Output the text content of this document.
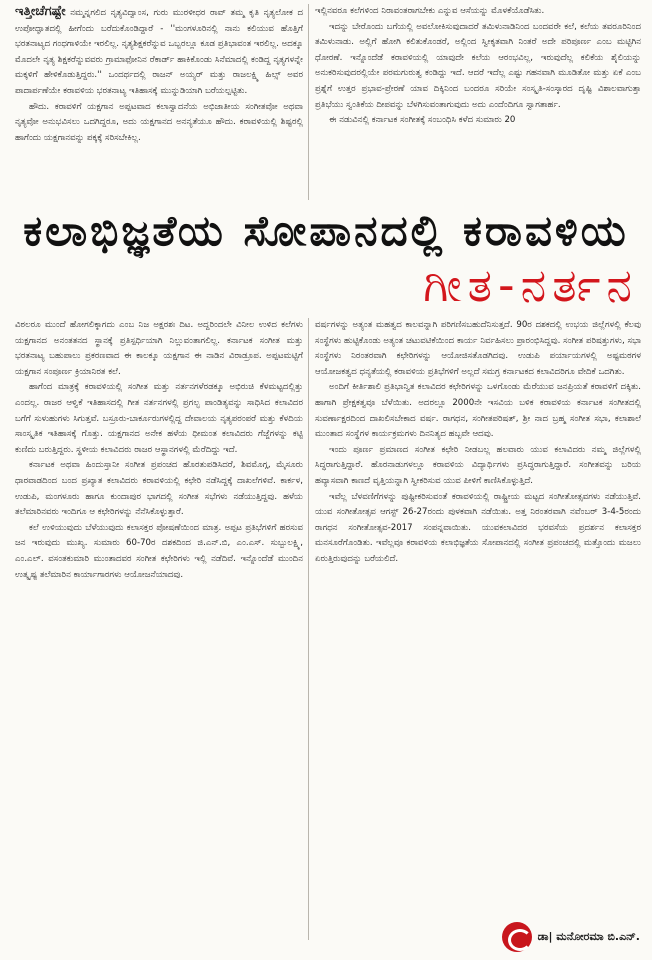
ಇತ್ತೀಚೆಗಷ್ಟೇ ನಮ್ಮನ್ನಗಲಿದ ನೃತ್ಯವಿದ್ವಾಂಸ, ಗುರು ಮುರಳೀಧರ ರಾವ್ ತಮ್ಮ ಕೃತಿ ನೃತ್ಯಲೋಕ ದ ಉಪೋದ್ಘಾತದಲ್ಲಿ ಹೀಗೆಂದು ಬರೆದುಕೊಂಡಿದ್ದಾರೆ - ''ಮಂಗಳೂರಿನಲ್ಲಿ ನಾನು ಕಲಿಯುವ ಹೊತ್ತಿಗೆ ಭರತನಾಟ್ಯದ ಗಂಧಗಾಳಿಯೇ ಇರಲಿಲ್ಲ. ನೃತ್ಯಶಿಕ್ಷಕರೆನ್ನುವ ಒಬ್ಬರಲ್ಲೂ ಕೂಡ ಪ್ರತಿಭಾವಂತ ಇರಲಿಲ್ಲ. ಅದಕ್ಕೂ ಮೊದಲೇ ನೃತ್ಯ ಶಿಕ್ಷಕರೆನ್ನುವವರು ಗ್ರಾಮಾಫೋನಿನ ರೆಕಾರ್ಡ್ ಹಾಕಿಕೊಂಡು ಸಿನೆಮಾದಲ್ಲಿ ಕಂಡಿದ್ದ ನೃತ್ಯಗಳನ್ನೇ ಮಕ್ಕಳಿಗೆ ಹೇಳಿಕೊಡುತ್ತಿದ್ದರು.'' ಒಂದರ್ಥದಲ್ಲಿ ರಾಜನ್ ಅಯ್ಯರ್ ಮತ್ತು ರಾಜಲಕ್ಷ್ಮಿ ಹಿಲ್ಸ್ ಅವರ ಪಾದಾರ್ಪಣೆಯೇ ಕರಾವಳಿಯ ಭರತನಾಟ್ಯ ಇತಿಹಾಸಕ್ಕೆ ಮುನ್ನುಡಿಯಾಗಿ ಬರೆಯಲ್ಪಟ್ಟಿತು.

ಹೌದು. ಕರಾವಳಿಗೆ ಯಕ್ಷಗಾನ ಅಪ್ಪಟವಾದ ಕಲಾಸ್ವಾದನೆಯ ಅಭಿಜಾತೀಯ ಸಂಗೀತವೋ ಅಥವಾ ನೃತ್ಯವೋ ಅನುಭವಿಸಲು ಒದಗಿದ್ದರೂ, ಅದು ಯಕ್ಷಗಾನದ ಅನನ್ಯತೆಯೂ ಹೌದು. ಕರಾವಳಿಯಲ್ಲಿ ಶಿಷ್ಟರಲ್ಲಿ ಹಾಗೆಂದು ಯಕ್ಷಗಾನವನ್ನು ಪಕ್ಕಕ್ಕೆ ಸರಿಸಬೇಕಿಲ್ಲ.

ಇಲ್ಲಿನವರೂ ಕಲೆಗಳಿಂದ ನಿರಾವಂತರಾಗಬೇಕು ಎನ್ನುವ ಆಸೆಯನ್ನು ಮೊಳಕೆಯೊಡೆಸಿತು.

ಇದನ್ನು ಬೇರೊಂದು ಬಗೆಯಲ್ಲಿ ಅವಲೋಕಿಸುವುದಾದರೆ ತಮಿಳುನಾಡಿನಿಂದ ಬಂದವರೇ ಕಲೆ, ಕಲೆಯ ತವರೂರಿನಿಂದ ತಮಿಳುನಾಡು. ಅಲ್ಲಿಗೆ ಹೋಗಿ ಕಲಿತುಕೊಂಡರೆ, ಅಲ್ಲಿಂದ ಸ್ವೀಕೃತವಾಗಿ ನಿಂತರೆ ಅದೇ ಪರಿಪೂರ್ಣ ಎಂಬ ಮಟ್ಟಿಗಿನ ಧೋರಣೆ. ಇನ್ನೊಂದೆಡೆ ಕರಾವಳಿಯಲ್ಲಿ ಯಾವುದೇ ಕಲೆಯ ಆರಂಭವಿಲ್ಲ, ಇರುವುದೆಲ್ಲ ಕಲಿಕೆಯ ಶೈಲಿಯನ್ನು ಅನುಕರಿಸುವುದರಲ್ಲಿಯೇ ಪರಮಗುರುತ್ವ ಕಂಡಿದ್ದು ಇದೆ. ಆದರೆ ಇದೆಲ್ಲ ಎಷ್ಟು ಗಹನವಾಗಿ ಮೂಡಿತೋ ಮತ್ತು ಏಕೆ ಎಂಬ ಪ್ರಶ್ನೆಗೆ ಉತ್ತರ ಪ್ರಭಾವ-ಪ್ರೇರಣೆ ಯಾವ ದಿಕ್ಕಿನಿಂದ ಬಂದರೂ ಸರಿಯೇ ಸಂಸ್ಕೃತಿ-ಸಂಸ್ಕಾರದ ದೃಷ್ಟಿ ವಿಶಾಲವಾಗುತ್ತಾ ಪ್ರತಿಭೆಯು ಸ್ವಂತಿಕೆಯ ದೀಪವನ್ನು ಬೆಳಗಿಸುವಂತಾಗುವುದು ಅದು ಎಂದೆಂದಿಗೂ ಸ್ವಾಗತಾರ್ಹ.

ಈ ನಡುವಿನಲ್ಲಿ ಕರ್ನಾಟಕ ಸಂಗೀತಕ್ಕೆ ಸಂಬಂಧಿಸಿ ಕಳೆದ ಸುಮಾರು 20

ಕಲಾಭಿಜ್ಞತೆಯ ಸೋಪಾನದಲ್ಲಿ ಕರಾವಳಿಯ
ಗೀತ-ನರ್ತನ

ವಿಠಲರೂ ಮುಂದೆ ಹೋಗಲಿಕ್ಕಾಗದು ಎಂಬ ನಿಜ ಅಕ್ಷರಶಃ ದಿಟ. ಅದ್ದರಿಂದಲೇ ವಿನೀಲ ಉಳಿದ ಕಲೆಗಳು ಯಕ್ಷಗಾನದ ಅನಂತತನದ ಸ್ಥಾನಕ್ಕೆ ಪ್ರತಿಸ್ಪರ್ಧಿಯಾಗಿ ನಿಲ್ಲುವಂತಾಗಲಿಲ್ಲ. ಕರ್ನಾಟಕ ಸಂಗೀತ ಮತ್ತು ಭರತನಾಟ್ಯ ಬಹುಪಾಲು ಪ್ರಕರಣವಾದ ಈ ಕಾಲಕ್ಕೂ ಯಕ್ಷಗಾನ ಈ ನಾಡಿನ ವಿರಾಡ್ರೂಪ. ಅಪ್ಪಟಮಟ್ಟಿಗೆ ಯಕ್ಷಗಾನ ಸಂಪೂರ್ಣ ಕ್ರಿಯಾನಿರತ ಕಲೆ.

ಹಾಗೆಂದ ಮಾತ್ರಕ್ಕೆ ಕರಾವಳಿಯಲ್ಲಿ ಸಂಗೀತ ಮತ್ತು ನರ್ತನಗಳೆರಡಕ್ಕೂ ಅಭಿರುಚಿ ಕೆಳಮಟ್ಟದಲ್ಲಿತ್ತು ಎಂದಲ್ಲ. ರಾಜರ ಆಳ್ವಿಕೆ ಇತಿಹಾಸದಲ್ಲಿ ಗೀತ ನರ್ತನಗಳಲ್ಲಿ ಪ್ರಗಲ್ಭ ಪಾಂಡಿತ್ಯವನ್ನು ಸಾಧಿಸಿದ ಕಲಾವಿದರ ಬಗೆಗೆ ಸುಳುಹುಗಳು ಸಿಗುತ್ತವೆ. ಬಸ್ರೂರು-ಬಾರ್ಕೂರುಗಳಲ್ಲಿದ್ದ ದೇವಾಲಯ ನೃತ್ಯಪರಂಪರೆ ಮತ್ತು ಕೆಳದಿಯ ಸಾಂಸ್ಕೃತಿಕ ಇತಿಹಾಸಕ್ಕೆ ಗೊತ್ತು. ಯಕ್ಷಗಾನದ ಅನೇಕ ಹಳೆಯ ಧೀಮಂತ ಕಲಾವಿದರು ಗೆಜ್ಜೆಗಳನ್ನು ಕಟ್ಟಿ ಕುಣಿದು ಬರುತ್ತಿದ್ದರು. ಸ್ಥಳೀಯ ಕಲಾವಿದರು ರಾಜರ ಆಸ್ಥಾನಗಳಲ್ಲಿ ಮೆರೆದಿದ್ದು ಇದೆ.

ಕರ್ನಾಟಕ ಅಥವಾ ಹಿಂದುಸ್ತಾನೀ ಸಂಗೀತ ಪ್ರಪಂಚದ ಹೊರತುಪಡಿಸಿದರೆ, ಶಿವಮೊಗ್ಗ, ಮೈಸೂರು ಧಾರವಾಡದಿಂದ ಬಂದ ಪ್ರಖ್ಯಾತ ಕಲಾವಿದರು ಕರಾವಳಿಯಲ್ಲಿ ಕಛೇರಿ ನಡೆಸಿದ್ದಕ್ಕೆ ದಾಖಲೆಗಳಿವೆ. ಕಾರ್ಕಳ, ಉಡುಪಿ, ಮಂಗಳೂರು ಹಾಗೂ ಕುಂದಾಪುರ ಭಾಗದಲ್ಲಿ ಸಂಗೀತ ಸಭೆಗಳು ನಡೆಯುತ್ತಿದ್ದವು. ಹಳೆಯ ತಲೆಮಾರಿನವರು ಇಂದಿಗೂ ಆ ಕಛೇರಿಗಳನ್ನು ನೆನೆಸಿಕೊಳ್ಳುತ್ತಾರೆ.

ಕಲೆ ಉಳಿಯುವುದು ಬೆಳೆಯುವುದು ಕಲಾಸಕ್ತರ ಪೋಷಣೆಯಿಂದ ಮಾತ್ರ. ಅಪ್ಪಟ ಪ್ರತಿಭೆಗಳಿಗೆ ಹರಸುವ ಜನ ಇರುವುದು ಮುಖ್ಯ. ಸುಮಾರು 60-70ರ ದಶಕದಿಂದ ಜಿ.ಎನ್.ಬಿ, ಎಂ.ಎಸ್. ಸುಬ್ಬುಲಕ್ಷ್ಮಿ, ಎಂ.ಎಲ್. ವಸಂತಕುಮಾರಿ ಮುಂತಾದವರ ಸಂಗೀತ ಕಛೇರಿಗಳು ಇಲ್ಲಿ ನಡೆದಿವೆ. ಇನ್ನೊಂದೆಡೆ ಮುಂದಿನ ಉತ್ಕೃಷ್ಟ ತಲೆಮಾರಿನ ಕಾರ್ಯಾಗಾರಗಳು ಆಯೋಜನೆಯಾದವು.

ವರ್ಷಗಳನ್ನು ಅತ್ಯಂತ ಮಹತ್ವದ ಕಾಲವನ್ನಾಗಿ ಪರಿಗಣಿಸಬಹುದೆನಿಸುತ್ತದೆ. 90ರ ದಶಕದಲ್ಲಿ ಉಭಯ ಜಿಲ್ಲೆಗಳಲ್ಲಿ ಕೆಲವು ಸಂಸ್ಥೆಗಳು ಹುಟ್ಟಿಕೊಂಡು ಅತ್ಯಂತ ಚಟುವಟಿಕೆಯಿಂದ ಕಾರ್ಯ ನಿರ್ವಹಿಸಲು ಪ್ರಾರಂಭಿಸಿದ್ದವು. ಸಂಗೀತ ಪರಿಷತ್ತುಗಳು, ಸಭಾ ಸಂಸ್ಥೆಗಳು ನಿರಂತರವಾಗಿ ಕಛೇರಿಗಳನ್ನು ಆಯೋಜಿಸತೊಡಗಿದವು. ಉಡುಪಿ ಪರ್ಯಾಯಗಳಲ್ಲಿ ಅಷ್ಟಮಠಗಳ ಆಯೋಜಕತ್ವದ ಧನ್ಯತೆಯಲ್ಲಿ ಕರಾವಳಿಯ ಪ್ರತಿಭೆಗಳಿಗೆ ಅಲ್ಲದೆ ಸಮಗ್ರ ಕರ್ನಾಟಕದ ಕಲಾವಿದರಿಗೂ ವೇದಿಕೆ ಒದಗಿತು.

ಅಂದಿಗೆ ಕೀರ್ತಿಶಾಲಿ ಪ್ರತಿಭಾನ್ವಿತ ಕಲಾವಿದರ ಕಛೇರಿಗಳನ್ನು ಒಳಗೊಂಡು ಮೆರೆಯುವ ಜನಪ್ರಿಯತೆ ಕರಾವಳಿಗೆ ದಕ್ಕಿತು. ಹಾಗಾಗಿ ಪ್ರೇಕ್ಷಕತ್ವವೂ ಬೆಳೆಯಿತು. ಅದರಲ್ಲೂ 2000ನೇ ಇಸವಿಯ ಬಳಿಕ ಕರಾವಳಿಯ ಕರ್ನಾಟಕ ಸಂಗೀತದಲ್ಲಿ ಸುವರ್ಣಾಕ್ಷರದಿಂದ ದಾಖಲಿಸಬೇಕಾದ ವರ್ಷ. ರಾಗಧನ, ಸಂಗೀತಪರಿಷತ್, ಶ್ರೀ ನಾದ ಬ್ರಹ್ಮ ಸಂಗೀತ ಸಭಾ, ಕಲಾಶಾಲೆ ಮುಂತಾದ ಸಂಸ್ಥೆಗಳ ಕಾರ್ಯಕ್ರಮಗಳು ದಿನನಿತ್ಯದ ಹಬ್ಬವೇ ಆದವು.

ಇಂದು ಪೂರ್ಣ ಪ್ರಮಾಣದ ಸಂಗೀತ ಕಛೇರಿ ನೀಡಬಲ್ಲ ಹಲವಾರು ಯುವ ಕಲಾವಿದರು ನಮ್ಮ ಜಿಲ್ಲೆಗಳಲ್ಲಿ ಸಿದ್ಧರಾಗುತ್ತಿದ್ದಾರೆ. ಹೊರನಾಡುಗಳಲ್ಲೂ ಕರಾವಳಿಯ ವಿದ್ಯಾರ್ಥಿಗಳು ಪ್ರಸಿದ್ಧರಾಗುತ್ತಿದ್ದಾರೆ. ಸಂಗೀತವನ್ನು ಬರಿಯ ಹವ್ಯಾಸವಾಗಿ ಕಾಣದೆ ವೃತ್ತಿಯನ್ನಾಗಿ ಸ್ವೀಕರಿಸುವ ಯುವ ಪೀಳಿಗೆ ಕಾಣಿಸಿಕೊಳ್ಳುತ್ತಿದೆ.

ಇವೆಲ್ಲ ಬೆಳವಣಿಗೆಗಳನ್ನು ಪುಷ್ಟೀಕರಿಸುವಂತೆ ಕರಾವಳಿಯಲ್ಲಿ ರಾಷ್ಟ್ರೀಯ ಮಟ್ಟದ ಸಂಗೀತೋತ್ಸವಗಳು ನಡೆಯುತ್ತಿವೆ. ಯುವ ಸಂಗೀತೋತ್ಸವ ಆಗಸ್ಟ್ 26-27ರಂದು ಪುಳಕವಾಗಿ ನಡೆಯಿತು. ಅತ್ತ ನಿರಂತರವಾಗಿ ನವೆಂಬರ್ 3-4-5ರಂದು ರಾಗಧನ ಸಂಗೀತೋತ್ಸವ-2017 ಸಂಪನ್ನವಾಯಿತು. ಯುವಕಲಾವಿದರ ಭರವಸೆಯ ಪ್ರದರ್ಶನ ಕಲಾಸಕ್ತರ ಮನಸೂರೆಗೊಂಡಿತು. ಇವೆಲ್ಲವೂ ಕರಾವಳಿಯ ಕಲಾಭಿಜ್ಞತೆಯ ಸೋಪಾನದಲ್ಲಿ ಸಂಗೀತ ಪ್ರಪಂಚದಲ್ಲಿ ಮತ್ತೊಂದು ಮಜಲು ಏರುತ್ತಿರುವುದನ್ನು ಬರೆಯಲಿದೆ.

ಡಾ| ಮನೋರಮಾ ಬಿ.ಎನ್.
